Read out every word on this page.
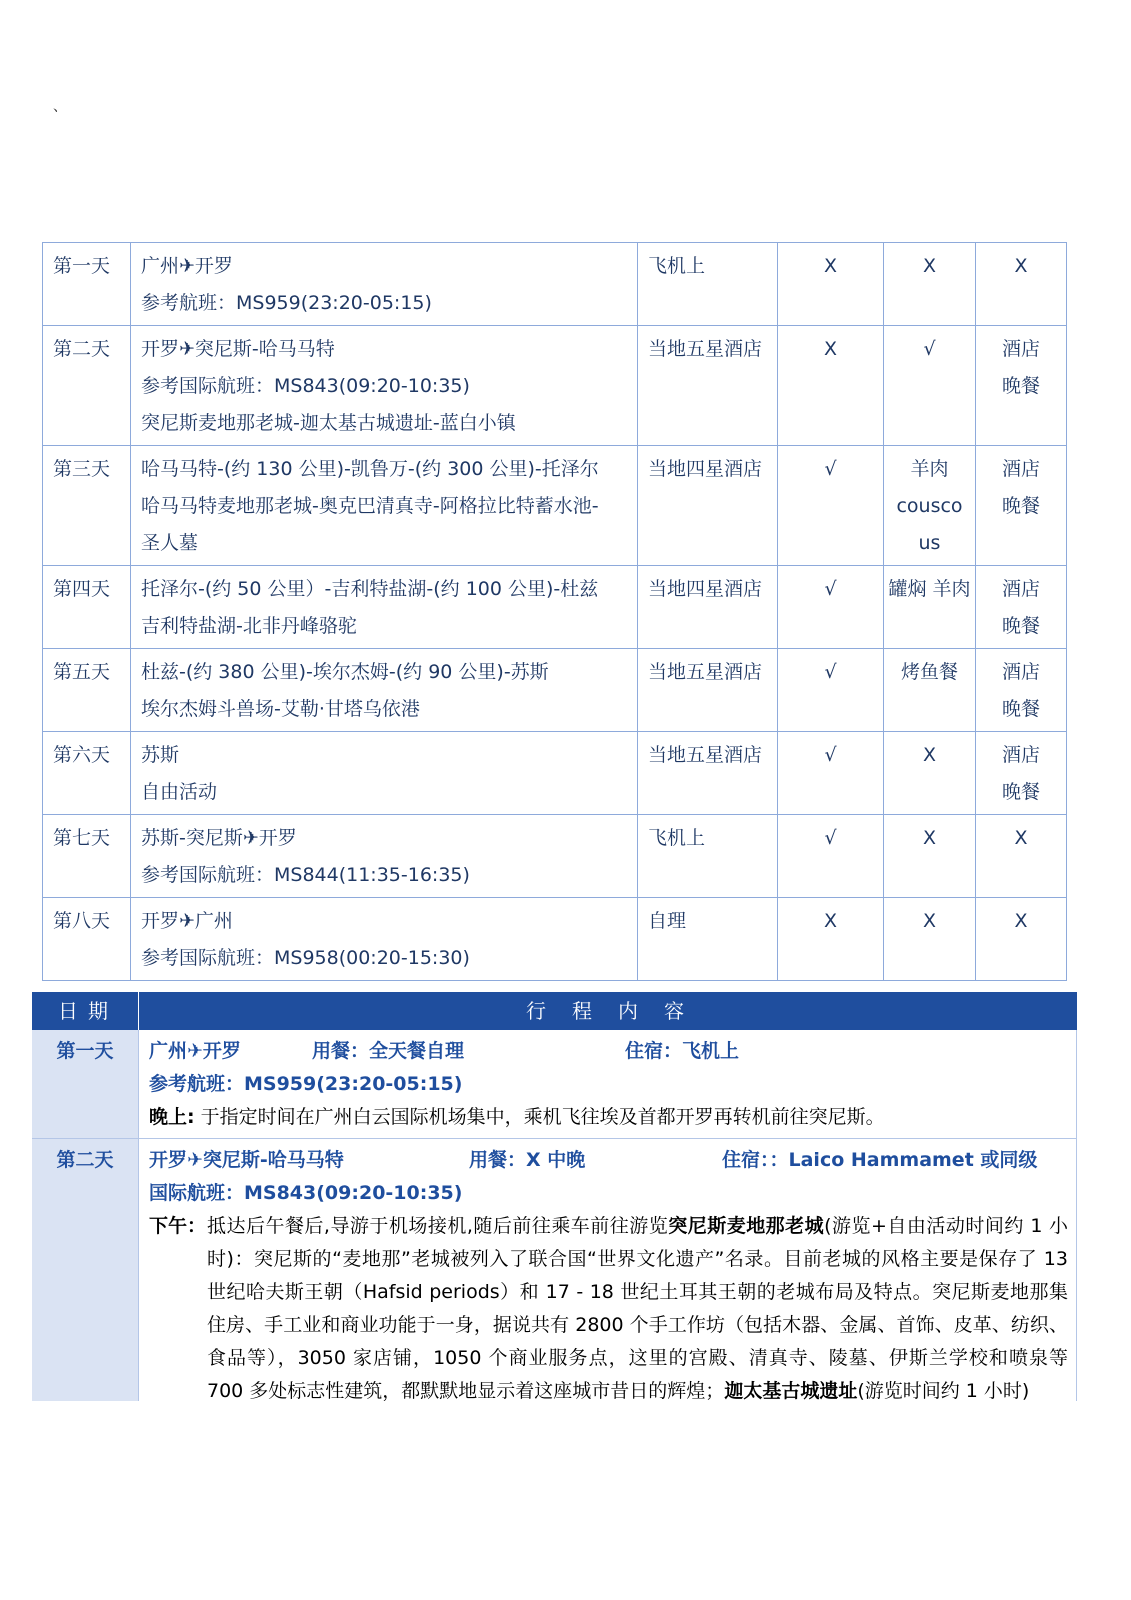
、
第一天	广州✈开罗
参考航班：MS959(23:20-05:15)	飞机上	X	X	X

第二天	开罗✈突尼斯-哈马马特
参考国际航班：MS843(09:20-10:35)
突尼斯麦地那老城-迦太基古城遗址-蓝白小镇	当地五星酒店	X	√	酒店
晚餐

第三天	哈马马特-(约 130 公里)-凯鲁万-(约 300 公里)-托泽尔
哈马马特麦地那老城-奥克巴清真寺-阿格拉比特蓄水池-
圣人墓	当地四星酒店	√	羊肉 cousco us	酒店
晚餐

第四天	托泽尔-(约 50 公里）-吉利特盐湖-(约 100 公里)-杜兹
吉利特盐湖-北非丹峰骆驼	当地四星酒店	√	罐焖 羊肉	酒店
晚餐

第五天	杜兹-(约 380 公里)-埃尔杰姆-(约 90 公里)-苏斯
埃尔杰姆斗兽场-艾勒·甘塔乌依港	当地五星酒店	√	烤鱼餐	酒店
晚餐

第六天	苏斯
自由活动	当地五星酒店	√	X	酒店
晚餐

第七天	苏斯-突尼斯✈开罗
参考国际航班：MS844(11:35-16:35)	飞机上	√	X	X

第八天	开罗✈广州
参考国际航班：MS958(00:20-15:30)	自理	X	X	X
日期	行程内容
第一天	广州✈开罗	用餐：全天餐自理	住宿：飞机上
参考航班：MS959(23:20-05:15)
晚上: 于指定时间在广州白云国际机场集中，乘机飞往埃及首都开罗再转机前往突尼斯。
第二天	开罗✈突尼斯-哈马马特	用餐：X 中晚	住宿：：Laico Hammamet 或同级
国际航班：MS843(09:20-10:35)
下午： 抵达后午餐后,导游于机场接机,随后前往乘车前往游览突尼斯麦地那老城(游览+自由活动时间约 1 小时)：突尼斯的“麦地那”老城被列入了联合国“世界文化遗产”名录。目前老城的风格主要是保存了 13 世纪哈夫斯王朝（Hafsid periods）和 17 - 18 世纪土耳其王朝的老城布局及特点。突尼斯麦地那集住房、手工业和商业功能于一身，据说共有 2800 个手工作坊（包括木器、金属、首饰、皮革、纺织、食品等），3050 家店铺，1050 个商业服务点，这里的宫殿、清真寺、陵墓、伊斯兰学校和喷泉等 700 多处标志性建筑，都默默地显示着这座城市昔日的辉煌；迦太基古城遗址(游览时间约 1 小时)
